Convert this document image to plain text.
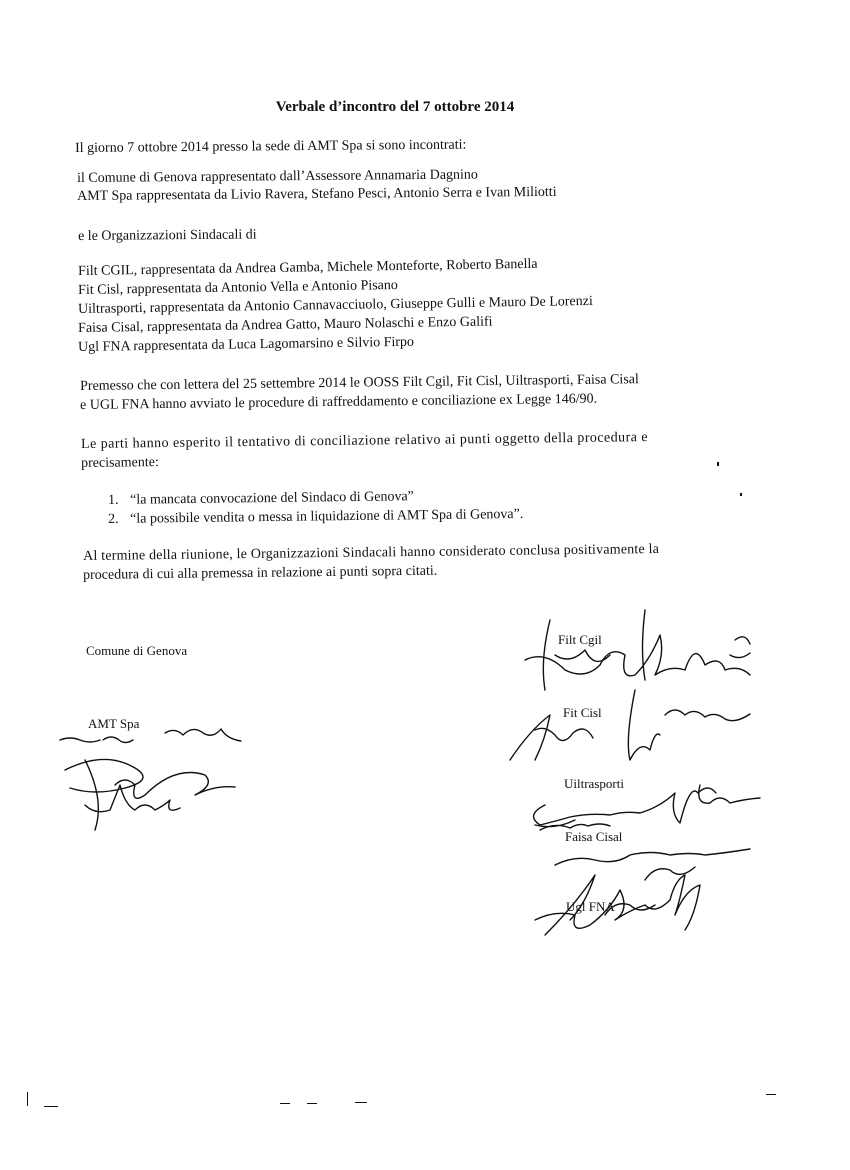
Verbale d’incontro del 7 ottobre 2014
Il giorno 7 ottobre 2014 presso la sede di AMT Spa si sono incontrati:
il Comune di Genova rappresentato dall’Assessore Annamaria Dagnino
AMT Spa rappresentata da Livio Ravera, Stefano Pesci, Antonio Serra e Ivan Miliotti
e le Organizzazioni Sindacali di
Filt CGIL, rappresentata da Andrea Gamba, Michele Monteforte, Roberto Banella
Fit Cisl, rappresentata da Antonio Vella e Antonio Pisano
Uiltrasporti, rappresentata da Antonio Cannavacciuolo, Giuseppe Gulli e Mauro De Lorenzi
Faisa Cisal, rappresentata da Andrea Gatto, Mauro Nolaschi e Enzo Galifi
Ugl FNA rappresentata da Luca Lagomarsino e Silvio Firpo
Premesso che con lettera del 25 settembre 2014 le OOSS Filt Cgil, Fit Cisl, Uiltrasporti, Faisa Cisal
e UGL FNA hanno avviato le procedure di raffreddamento e conciliazione ex Legge 146/90.
Le parti hanno esperito il tentativo di conciliazione relativo ai punti oggetto della procedura e
precisamente:
1. “la mancata convocazione del Sindaco di Genova”
2. “la possibile vendita o messa in liquidazione di AMT Spa di Genova”.
Al termine della riunione, le Organizzazioni Sindacali hanno considerato conclusa positivamente la
procedura di cui alla premessa in relazione ai punti sopra citati.
Comune di Genova
AMT Spa
Filt Cgil
Fit Cisl
Uiltrasporti
Faisa Cisal
Ugl FNA
